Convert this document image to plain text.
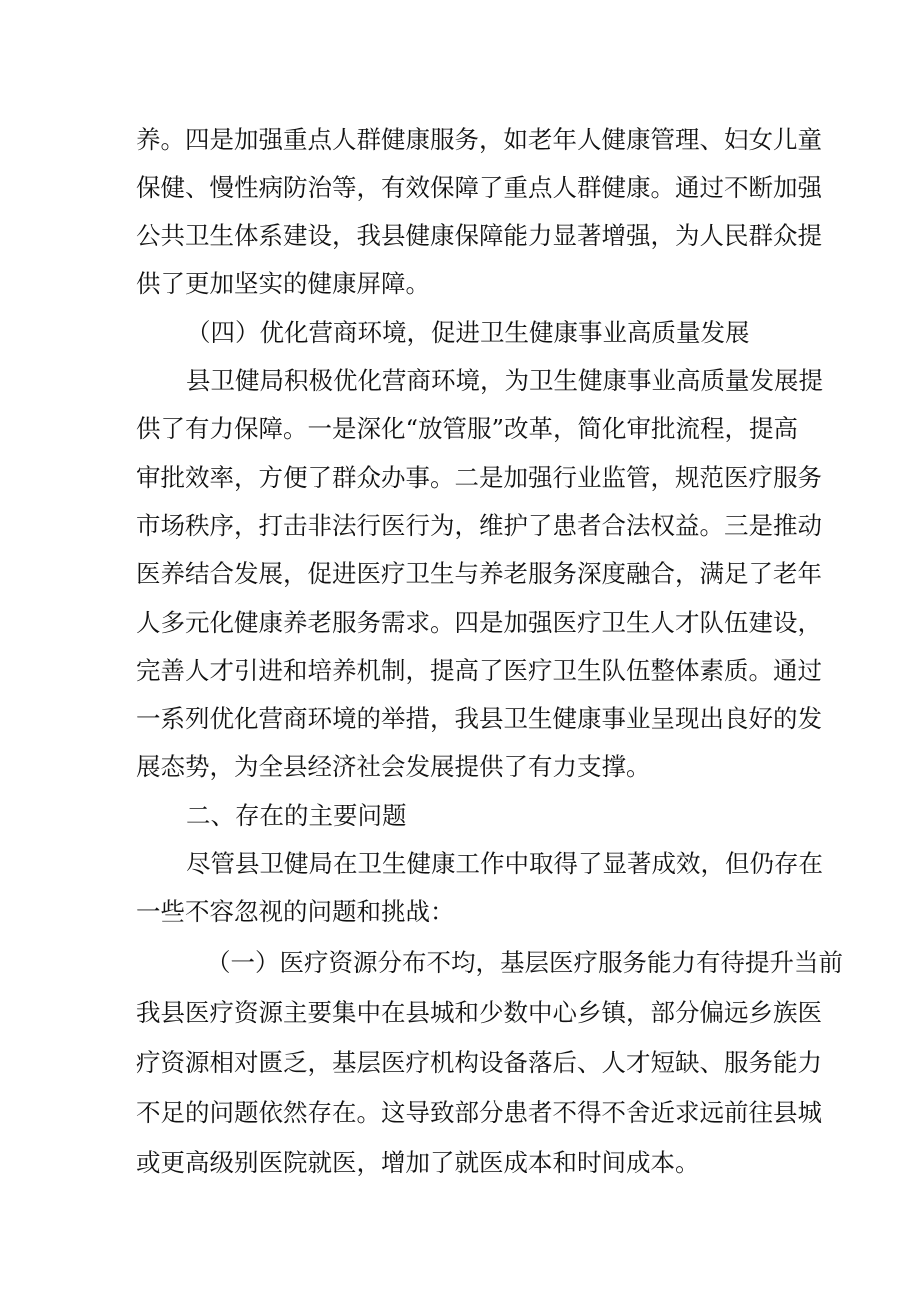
养。四是加强重点人群健康服务，如老年人健康管理、妇女儿童
保健、慢性病防治等，有效保障了重点人群健康。通过不断加强
公共卫生体系建设，我县健康保障能力显著增强，为人民群众提
供了更加坚实的健康屏障。
（四）优化营商环境，促进卫生健康事业高质量发展
县卫健局积极优化营商环境，为卫生健康事业高质量发展提
供了有力保障。一是深化“放管服”改革，简化审批流程，提高
审批效率，方便了群众办事。二是加强行业监管，规范医疗服务
市场秩序，打击非法行医行为，维护了患者合法权益。三是推动
医养结合发展，促进医疗卫生与养老服务深度融合，满足了老年
人多元化健康养老服务需求。四是加强医疗卫生人才队伍建设，
完善人才引进和培养机制，提高了医疗卫生队伍整体素质。通过
一系列优化营商环境的举措，我县卫生健康事业呈现出良好的发
展态势，为全县经济社会发展提供了有力支撑。
二、存在的主要问题
尽管县卫健局在卫生健康工作中取得了显著成效，但仍存在
一些不容忽视的问题和挑战：
（一）医疗资源分布不均，基层医疗服务能力有待提升当前
我县医疗资源主要集中在县城和少数中心乡镇，部分偏远乡族医
疗资源相对匮乏，基层医疗机构设备落后、人才短缺、服务能力
不足的问题依然存在。这导致部分患者不得不舍近求远前往县城
或更高级别医院就医，增加了就医成本和时间成本。
